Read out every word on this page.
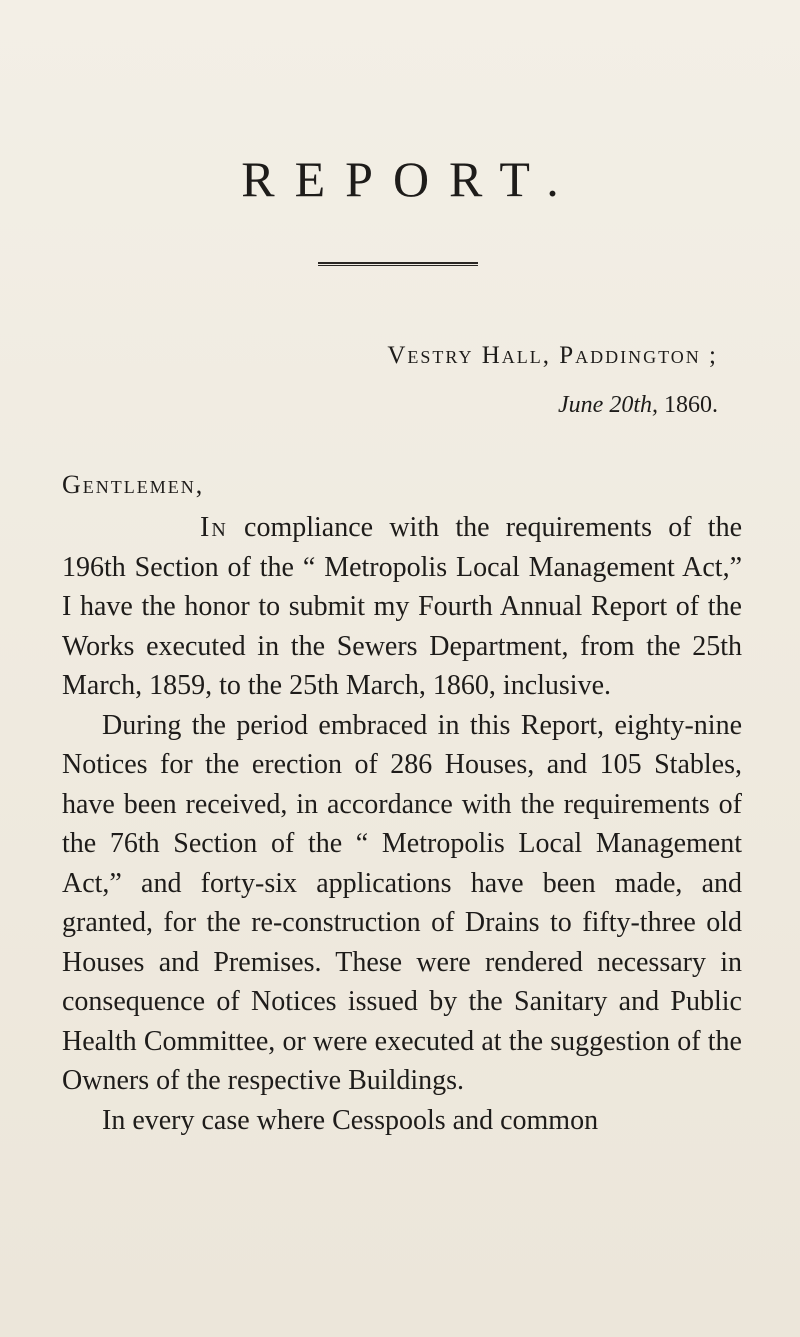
REPORT.
Vestry Hall, Paddington ;
June 20th, 1860.
Gentlemen,

In compliance with the requirements of the 196th Section of the “ Metropolis Local Management Act,” I have the honor to submit my Fourth Annual Report of the Works executed in the Sewers Department, from the 25th March, 1859, to the 25th March, 1860, inclusive.

During the period embraced in this Report, eighty-nine Notices for the erection of 286 Houses, and 105 Stables, have been received, in accordance with the requirements of the 76th Section of the “ Metropolis Local Management Act,” and forty-six applications have been made, and granted, for the re-construction of Drains to fifty-three old Houses and Premises. These were rendered necessary in consequence of Notices issued by the Sanitary and Public Health Committee, or were executed at the suggestion of the Owners of the respective Buildings.

In every case where Cesspools and common
